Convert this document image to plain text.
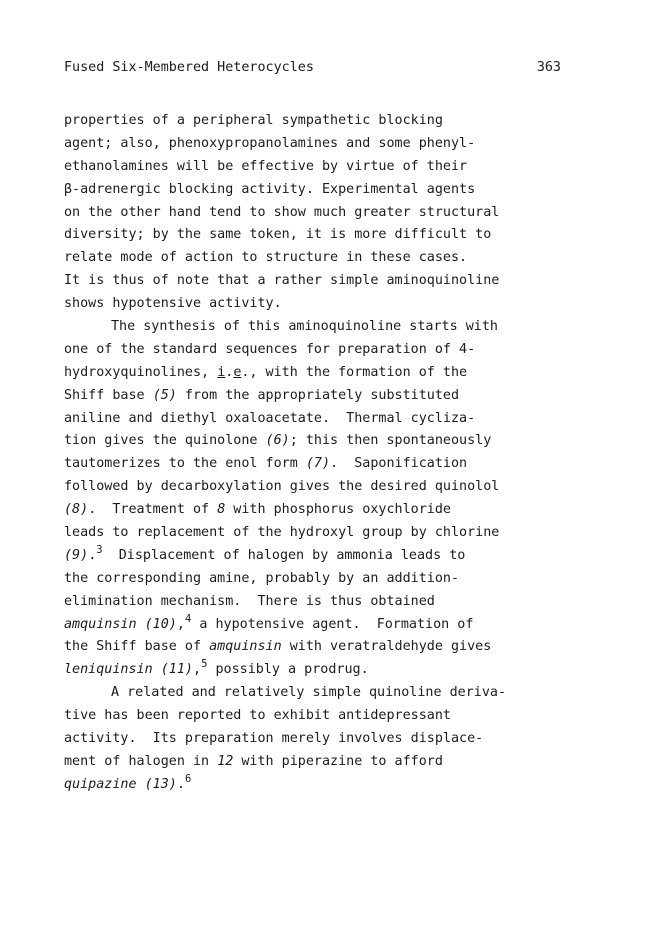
Fused Six-Membered Heterocycles	363
properties of a peripheral sympathetic blocking
agent; also, phenoxypropanolamines and some phenyl-
ethanolamines will be effective by virtue of their
β-adrenergic blocking activity. Experimental agents
on the other hand tend to show much greater structural
diversity; by the same token, it is more difficult to
relate mode of action to structure in these cases.
It is thus of note that a rather simple aminoquinoline
shows hypotensive activity.
The synthesis of this aminoquinoline starts with
one of the standard sequences for preparation of 4-
hydroxyquinolines, i.e., with the formation of the
Shiff base (5) from the appropriately substituted
aniline and diethyl oxaloacetate.  Thermal cycliza-
tion gives the quinolone (6); this then spontaneously
tautomerizes to the enol form (7).  Saponification
followed by decarboxylation gives the desired quinolol
(8).  Treatment of 8 with phosphorus oxychloride
leads to replacement of the hydroxyl group by chlorine
(9).$^3$  Displacement of halogen by ammonia leads to
the corresponding amine, probably by an addition-
elimination mechanism.  There is thus obtained
amquinsin (10),$^4$ a hypotensive agent.  Formation of
the Shiff base of amquinsin with veratraldehyde gives
leniquinsin (11),$^5$ possibly a prodrug.
A related and relatively simple quinoline deriva-
tive has been reported to exhibit antidepressant
activity.  Its preparation merely involves displace-
ment of halogen in 12 with piperazine to afford
quipazine (13).$^6$
